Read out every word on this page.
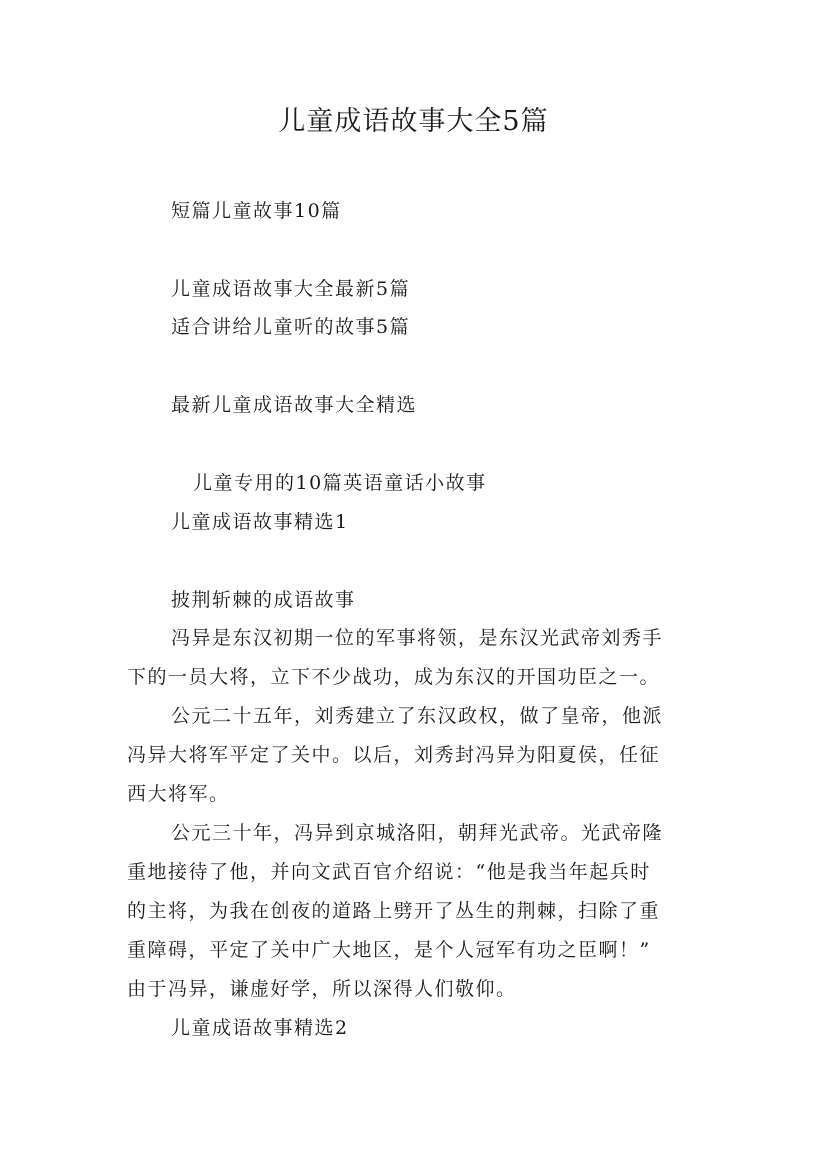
儿童成语故事大全5篇
短篇儿童故事10篇
儿童成语故事大全最新5篇
适合讲给儿童听的故事5篇
最新儿童成语故事大全精选
儿童专用的10篇英语童话小故事
儿童成语故事精选1
披荆斩棘的成语故事
冯异是东汉初期一位的军事将领，是东汉光武帝刘秀手
下的一员大将，立下不少战功，成为东汉的开国功臣之一。
公元二十五年，刘秀建立了东汉政权，做了皇帝，他派
冯异大将军平定了关中。以后，刘秀封冯异为阳夏侯，任征
西大将军。
公元三十年，冯异到京城洛阳，朝拜光武帝。光武帝隆
重地接待了他，并向文武百官介绍说：“他是我当年起兵时
的主将，为我在创夜的道路上劈开了丛生的荆棘，扫除了重
重障碍，平定了关中广大地区，是个人冠军有功之臣啊！”
由于冯异，谦虚好学，所以深得人们敬仰。
儿童成语故事精选2
